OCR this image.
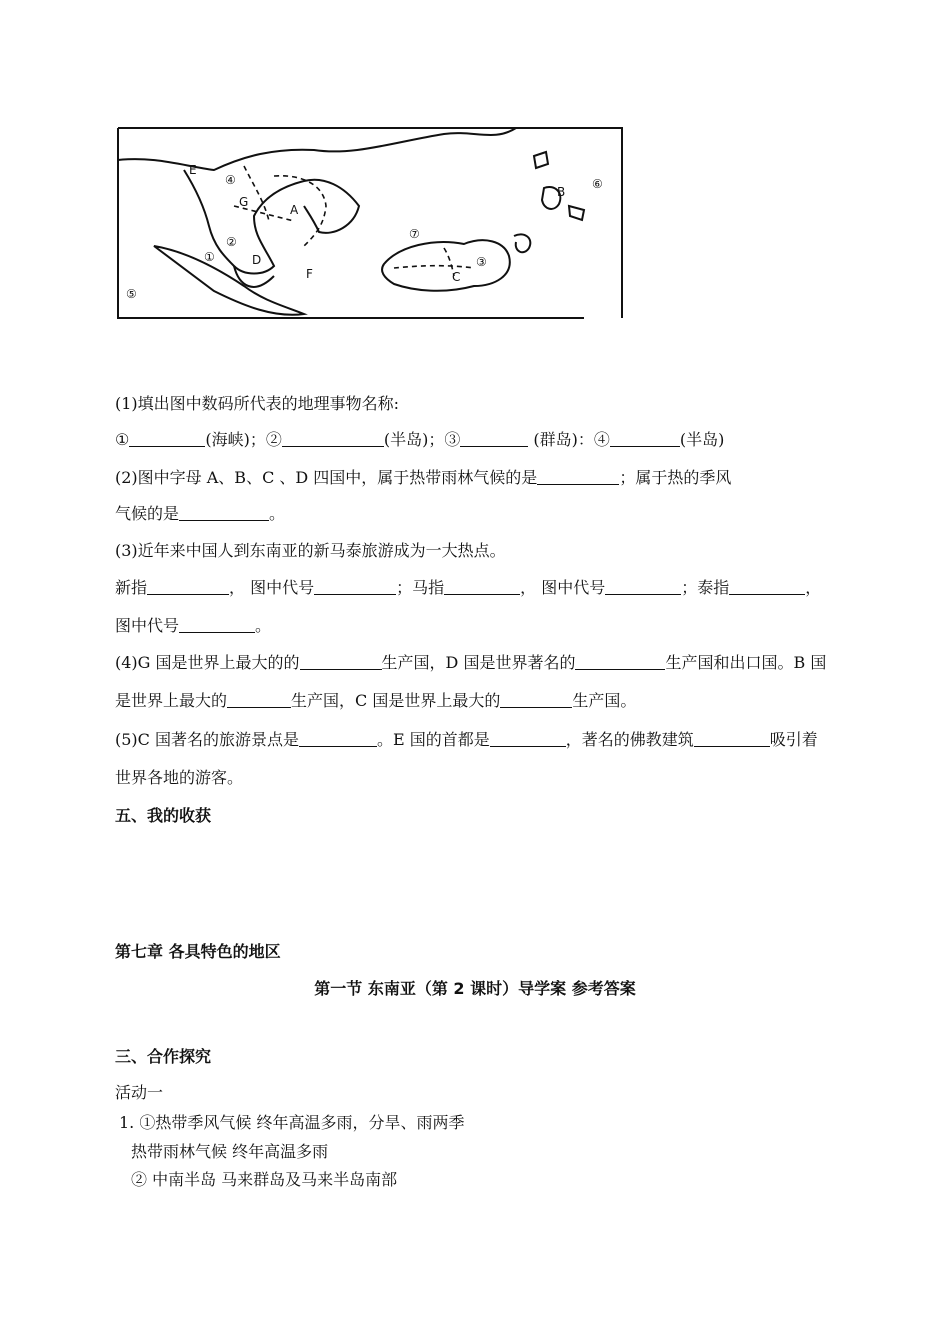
E
④
G
A
②
①	D
F
⑤
⑦
C
③
B
⑥
(1)填出图中数码所代表的地理事物名称:
①	(海峡)；②	(半岛)；③	(群岛)：④	(半岛)
(2)图中字母 A、B、C 、D 四国中，属于热带雨林气候的是	；属于热的季风
气候的是	。
(3)近年来中国人到东南亚的新马泰旅游成为一大热点。
新指	， 图中代号	；马指	， 图中代号	；泰指	，
图中代号	。
(4)G 国是世界上最大的的	生产国，D 国是世界著名的	生产国和出口国。B 国
是世界上最大的	生产国，C 国是世界上最大的	生产国。
(5)C 国著名的旅游景点是	。E 国的首都是	，著名的佛教建筑	吸引着
世界各地的游客。
五、我的收获
第七章 各具特色的地区
第一节 东南亚（第 2 课时）导学案 参考答案
三、合作探究
活动一
1. ①热带季风气候 终年高温多雨，分旱、雨两季
热带雨林气候 终年高温多雨
② 中南半岛 马来群岛及马来半岛南部
